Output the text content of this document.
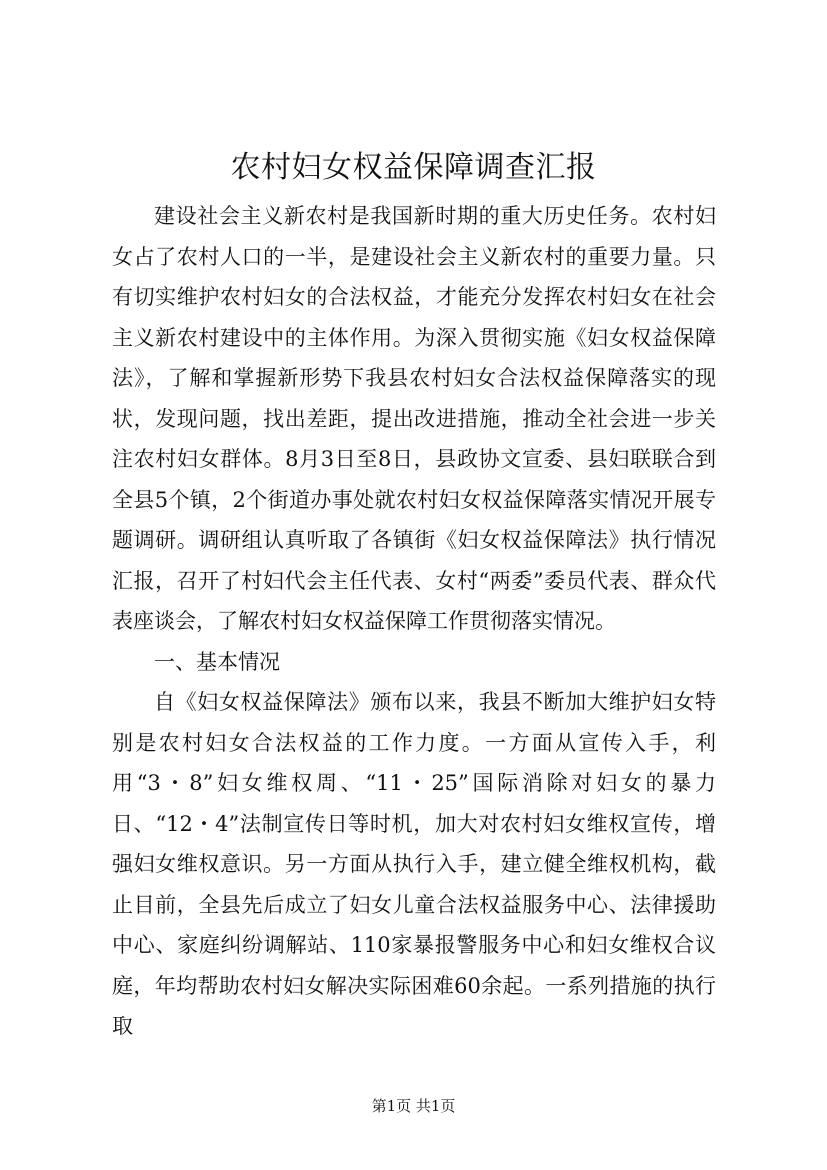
农村妇女权益保障调查汇报

建设社会主义新农村是我国新时期的重大历史任务。农村妇女占了农村人口的一半，是建设社会主义新农村的重要力量。只有切实维护农村妇女的合法权益，才能充分发挥农村妇女在社会主义新农村建设中的主体作用。为深入贯彻实施《妇女权益保障法》，了解和掌握新形势下我县农村妇女合法权益保障落实的现状，发现问题，找出差距，提出改进措施，推动全社会进一步关注农村妇女群体。8月3日至8日，县政协文宣委、县妇联联合到全县5个镇，2个街道办事处就农村妇女权益保障落实情况开展专题调研。调研组认真听取了各镇街《妇女权益保障法》执行情况汇报，召开了村妇代会主任代表、女村“两委”委员代表、群众代表座谈会，了解农村妇女权益保障工作贯彻落实情况。

一、基本情况

自《妇女权益保障法》颁布以来，我县不断加大维护妇女特别是农村妇女合法权益的工作力度。一方面从宣传入手，利用“3・8”妇女维权周、“11・25”国际消除对妇女的暴力日、“12・4”法制宣传日等时机，加大对农村妇女维权宣传，增强妇女维权意识。另一方面从执行入手，建立健全维权机构，截止目前，全县先后成立了妇女儿童合法权益服务中心、法律援助中心、家庭纠纷调解站、110家暴报警服务中心和妇女维权合议庭，年均帮助农村妇女解决实际困难60余起。一系列措施的执行取

第1页 共1页
